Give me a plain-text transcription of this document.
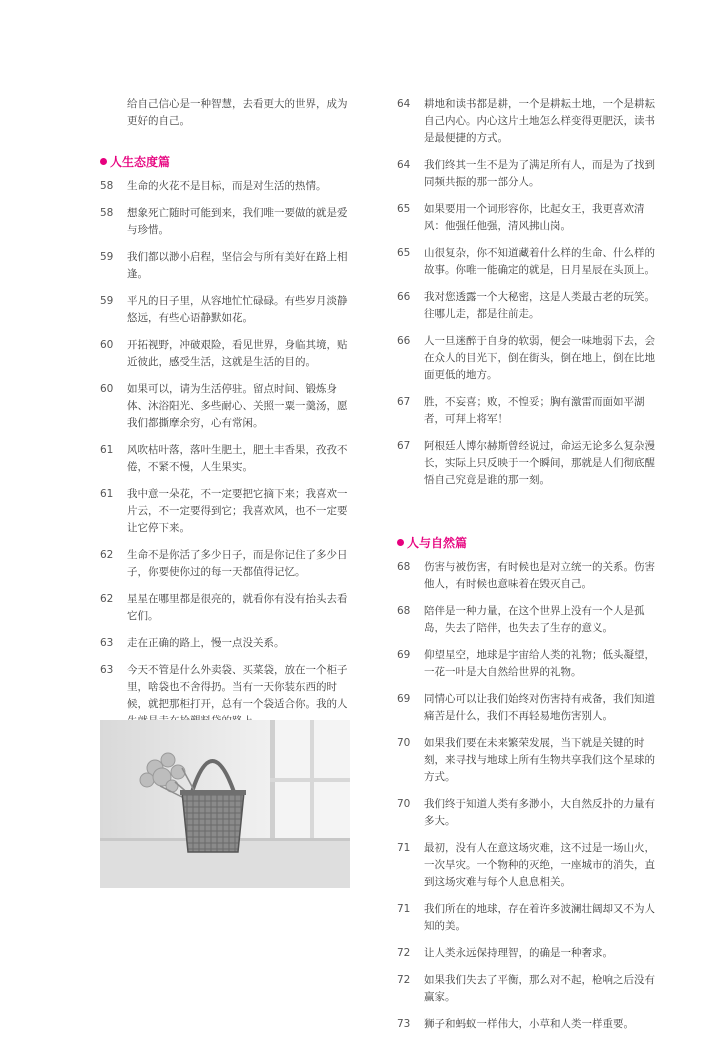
给自己信心是一种智慧，去看更大的世界，成为更好的自己。
人生态度篇
58	生命的火花不是目标，而是对生活的热情。
58	想象死亡随时可能到来，我们唯一要做的就是爱与珍惜。
59	我们都以渺小启程，坚信会与所有美好在路上相逢。
59	平凡的日子里，从容地忙忙碌碌。有些岁月淡静悠远，有些心语静默如花。
60	开拓视野，冲破艰险，看见世界，身临其境，贴近彼此，感受生活，这就是生活的目的。
60	如果可以，请为生活停驻。留点时间、锻炼身体、沐浴阳光、多些耐心、关照一粟一羹汤，愿我们都撕摩余穷，心有常闲。
61	风吹枯叶落，落叶生肥土，肥土丰香果，孜孜不倦，不紧不慢，人生果实。
61	我中意一朵花，不一定要把它摘下来；我喜欢一片云，不一定要得到它；我喜欢风，也不一定要让它停下来。
62	生命不是你活了多少日子，而是你记住了多少日子，你要使你过的每一天都值得记忆。
62	星星在哪里都是很亮的，就看你有没有抬头去看它们。
63	走在正确的路上，慢一点没关系。
63	今天不管是什么外卖袋、买菜袋，放在一个柜子里，啥袋也不舍得扔。当有一天你装东西的时候，就把那柜打开，总有一个袋适合你。我的人
64	耕地和读书都是耕，一个是耕耘土地，一个是耕耘自己内心。内心这片土地怎么样变得更肥沃，读书是最便捷的方式。
64	我们终其一生不是为了满足所有人，而是为了找到同频共振的那一部分人。
65	如果要用一个词形容你，比起女王，我更喜欢清风：他强任他强，清风拂山岗。
65	山很复杂，你不知道藏着什么样的生命、什么样的故事。你唯一能确定的就是，日月星辰在头顶上。
66	我对您透露一个大秘密，这是人类最古老的玩笑。往哪儿走，都是往前走。
66	人一旦迷醉于自身的软弱，便会一味地弱下去，会在众人的目光下，倒在街头，倒在地上，倒在比地面更低的地方。
67	胜，不妄喜；败，不惶妥；胸有激雷而面如平湖者，可拜上将军！
67	阿根廷人博尔赫斯曾经说过，命运无论多么复杂漫长，实际上只反映于一个瞬间，那就是人们彻底醒悟自己究竟是谁的那一刻。
人与自然篇
68	伤害与被伤害，有时候也是对立统一的关系。伤害他人，有时候也意味着在毁灭自己。
68	陪伴是一种力量，在这个世界上没有一个人是孤岛，失去了陪伴，也失去了生存的意义。
69	仰望星空，地球是宇宙给人类的礼物；低头凝望，一花一叶是大自然给世界的礼物。
69	同情心可以让我们始终对伤害持有戒备，我们知道痛苦是什么，我们不再轻易地伤害别人。
70	如果我们要在未来繁荣发展，当下就是关键的时刻，来寻找与地球上所有生物共享我们这个星球的方式。
70	我们终于知道人类有多渺小，大自然反扑的力量有多大。
71	最初，没有人在意这场灾难，这不过是一场山火，一次旱灾。一个物种的灭绝，一座城市的消失，直到这场灾难与每个人息息相关。
71	我们所在的地球，存在着许多波澜壮阔却又不为人知的美。
72	让人类永远保持理智，的确是一种奢求。
72	如果我们失去了平衡，那么对不起，枪响之后没有赢家。
73	狮子和蚂蚁一样伟大，小草和人类一样重要。
